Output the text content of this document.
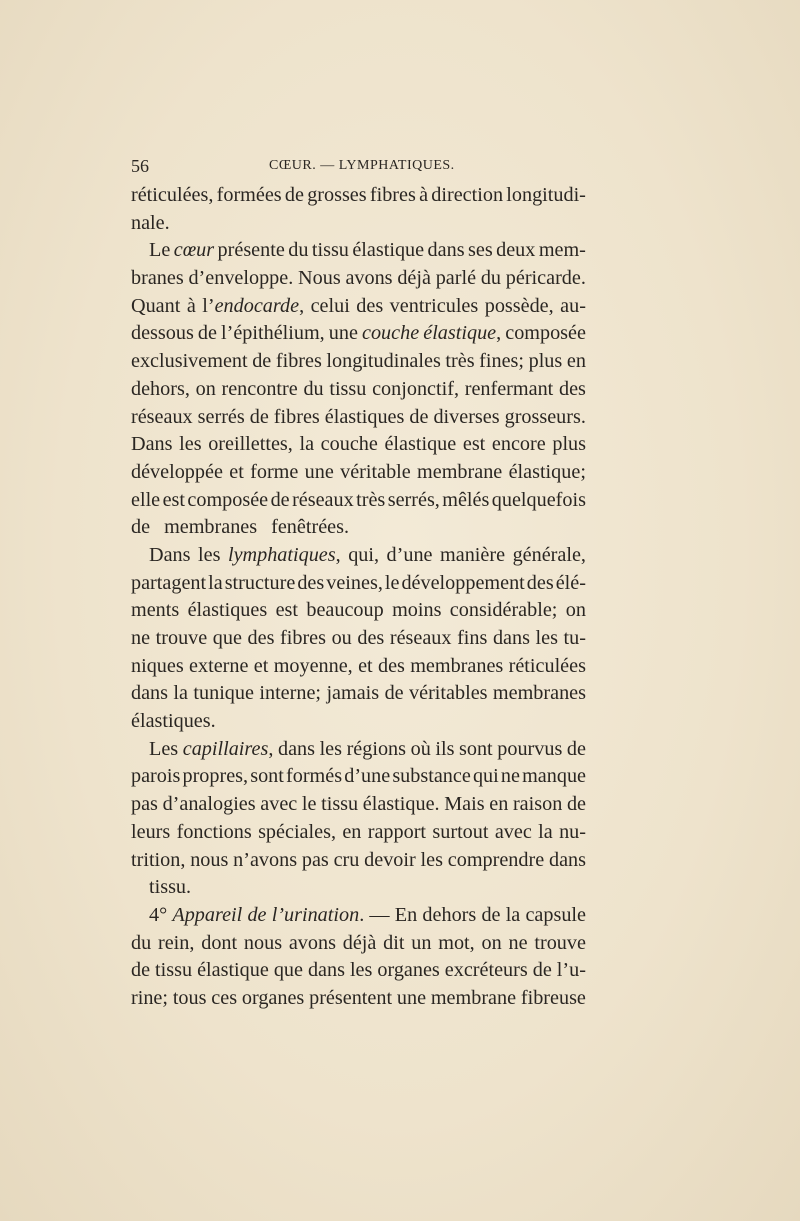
56	CŒUR. — LYMPHATIQUES.
réticulées, formées de grosses fibres à direction longitudi-
nale.
Le cœur présente du tissu élastique dans ses deux mem-
branes d’enveloppe. Nous avons déjà parlé du péricarde.
Quant à l’endocarde, celui des ventricules possède, au-
dessous de l’épithélium, une couche élastique, composée
exclusivement de fibres longitudinales très fines; plus en
dehors, on rencontre du tissu conjonctif, renfermant des
réseaux serrés de fibres élastiques de diverses grosseurs.
Dans les oreillettes, la couche élastique est encore plus
développée et forme une véritable membrane élastique;
elle est composée de réseaux très serrés, mêlés quelquefois
de membranes fenêtrées.
Dans les lymphatiques, qui, d’une manière générale,
partagent la structure des veines, le développement des élé-
ments élastiques est beaucoup moins considérable; on
ne trouve que des fibres ou des réseaux fins dans les tu-
niques externe et moyenne, et des membranes réticulées
dans la tunique interne; jamais de véritables membranes
élastiques.
Les capillaires, dans les régions où ils sont pourvus de
parois propres, sont formés d’une substance qui ne manque
pas d’analogies avec le tissu élastique. Mais en raison de
leurs fonctions spéciales, en rapport surtout avec la nu-
trition, nous n’avons pas cru devoir les comprendre dans
tissu.
4° Appareil de l’urination. — En dehors de la capsule
du rein, dont nous avons déjà dit un mot, on ne trouve
de tissu élastique que dans les organes excréteurs de l’u-
rine; tous ces organes présentent une membrane fibreuse
